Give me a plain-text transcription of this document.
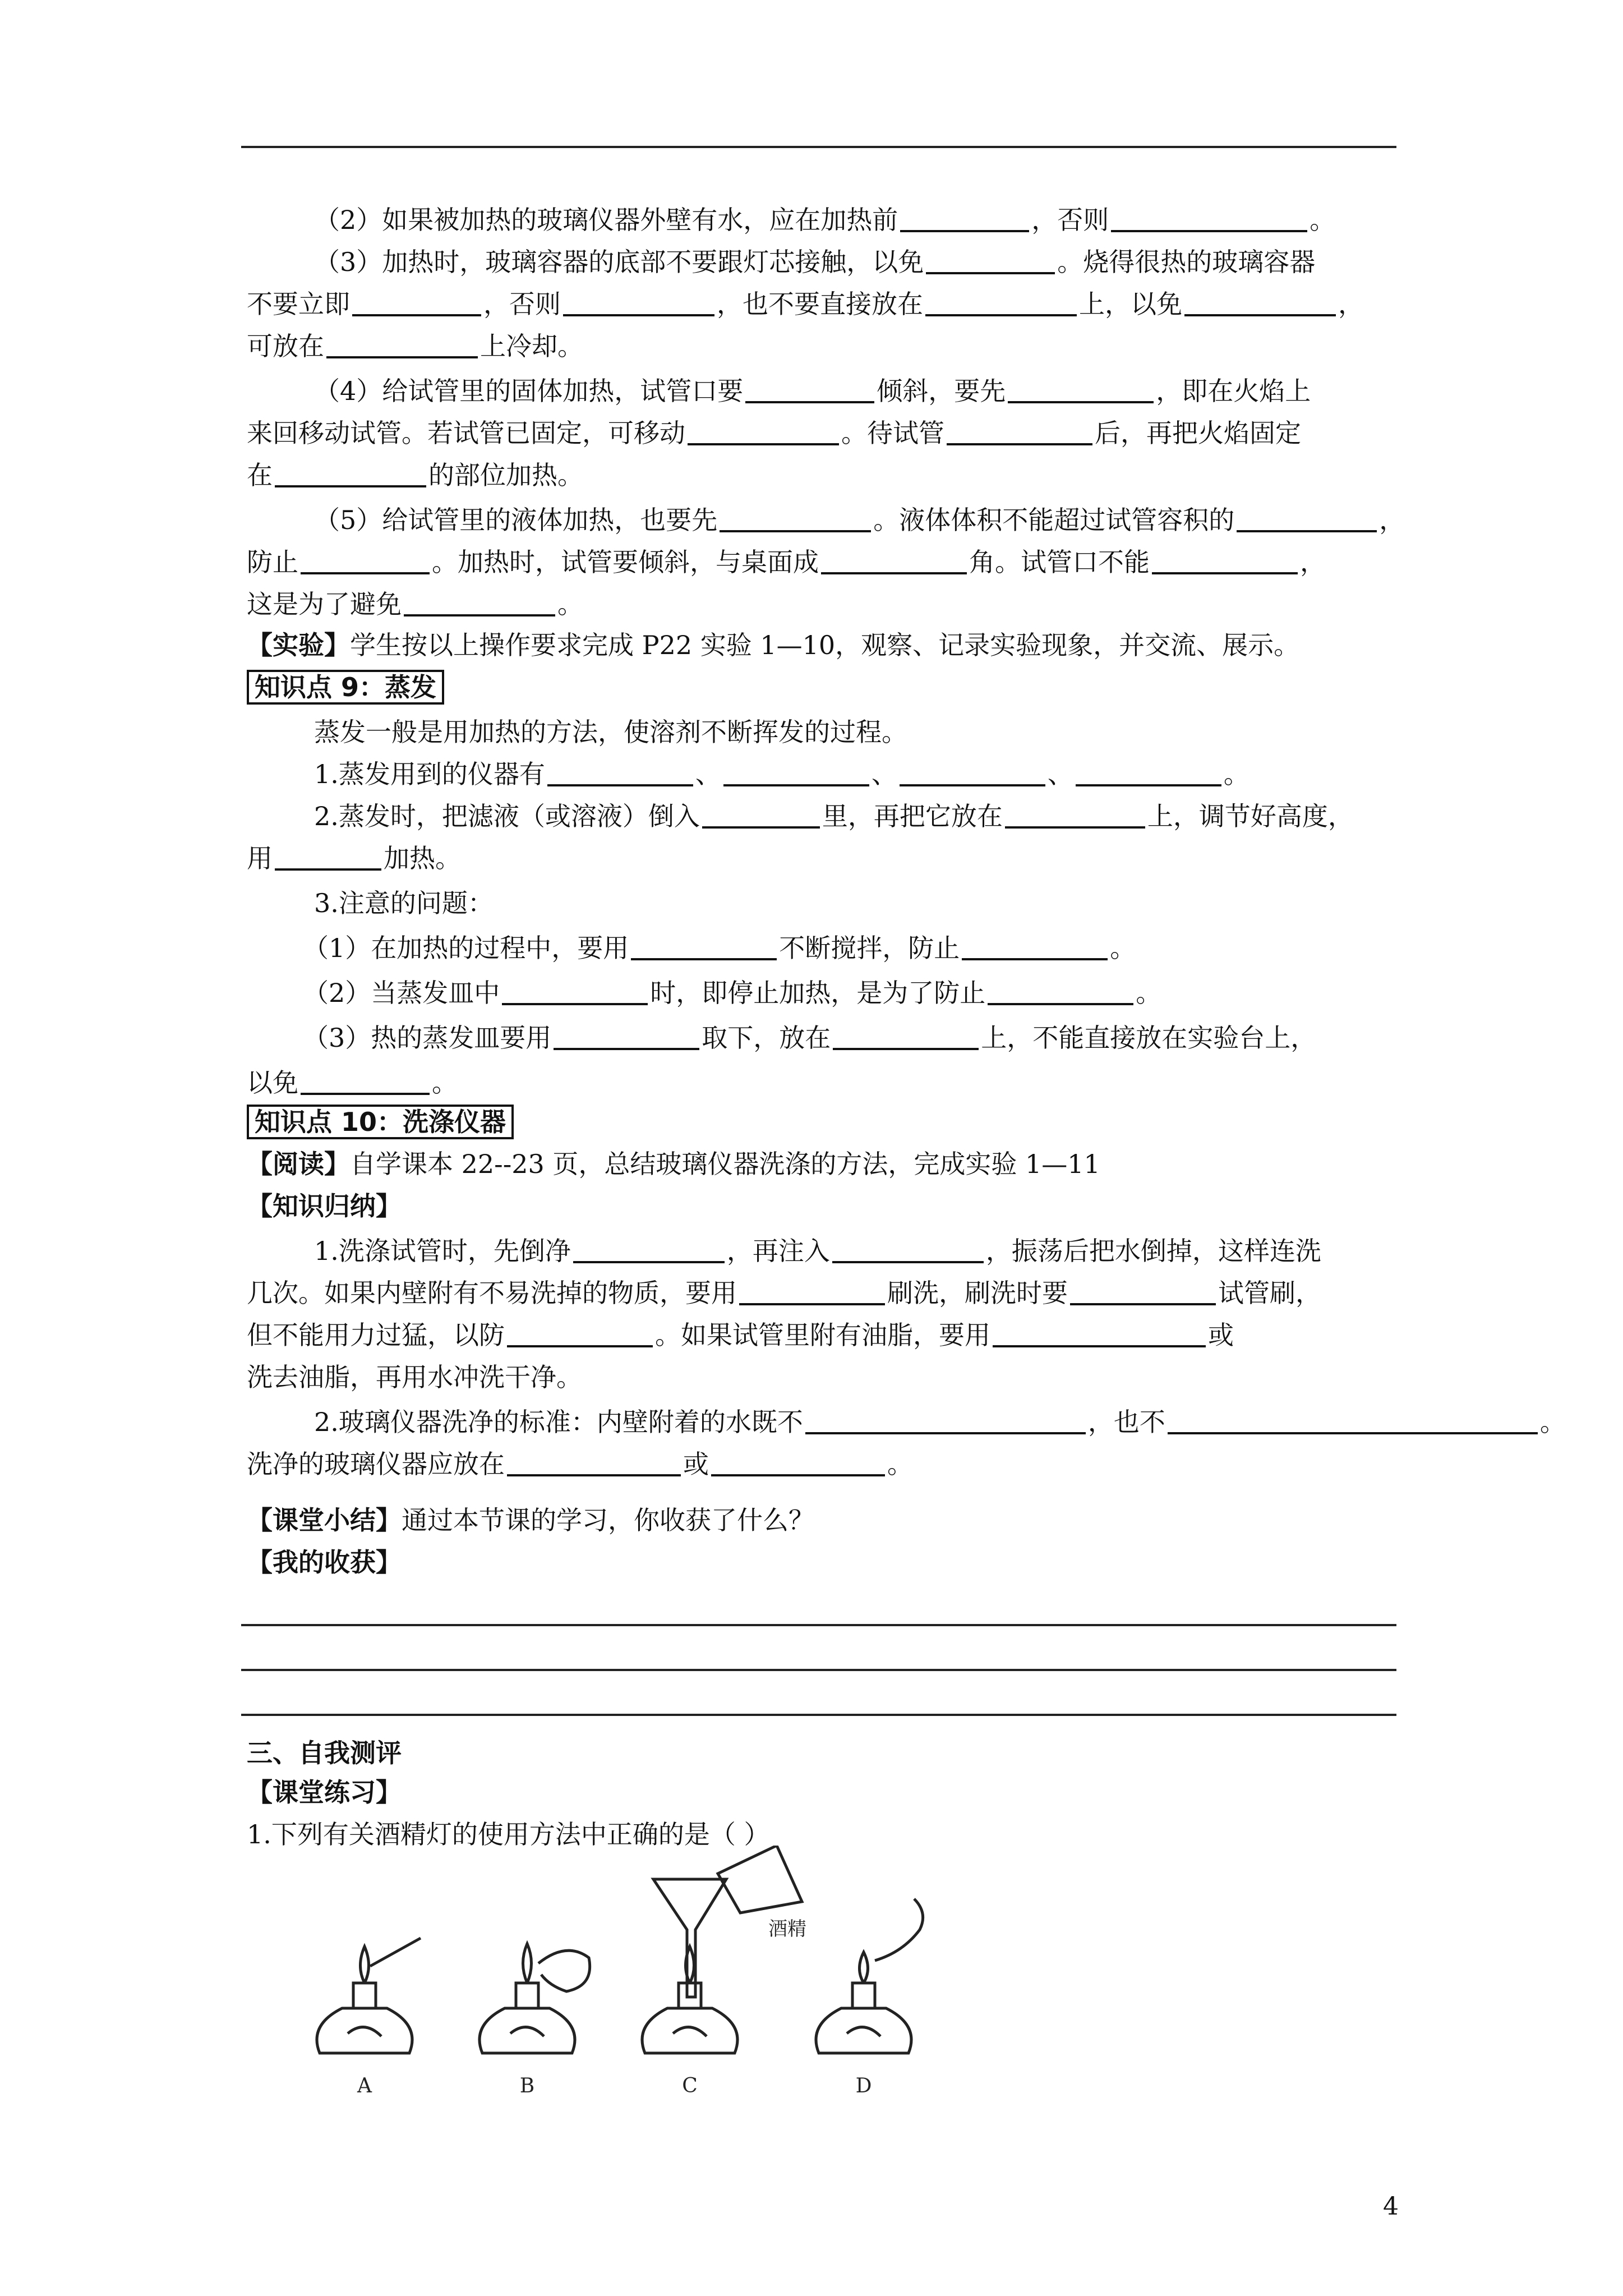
（2）如果被加热的玻璃仪器外壁有水，应在加热前	，否则	。
（3）加热时，玻璃容器的底部不要跟灯芯接触，以免	。烧得很热的玻璃容器
不要立即	，否则	，也不要直接放在	上，以免	，
可放在	上冷却。
（4）给试管里的固体加热，试管口要	倾斜，要先	，即在火焰上
来回移动试管。若试管已固定，可移动	。待试管	后，再把火焰固定
在	的部位加热。
（5）给试管里的液体加热，也要先	。液体体积不能超过试管容积的	，
防止	。加热时，试管要倾斜，与桌面成	角。试管口不能	，
这是为了避免	。
【实验】学生按以上操作要求完成 P22 实验 1—10，观察、记录实验现象，并交流、展示。
知识点 9：蒸发
蒸发一般是用加热的方法，使溶剂不断挥发的过程。
1.蒸发用到的仪器有	、	、	、	。
2.蒸发时，把滤液（或溶液）倒入	里，再把它放在	上，调节好高度，
用	加热。
3.注意的问题：
（1）在加热的过程中，要用	不断搅拌，防止	。
（2）当蒸发皿中	时，即停止加热，是为了防止	。
（3）热的蒸发皿要用	取下，放在	上，不能直接放在实验台上，
以免	。
知识点 10：洗涤仪器
【阅读】自学课本 22--23 页，总结玻璃仪器洗涤的方法，完成实验 1—11
【知识归纳】
1.洗涤试管时，先倒净	，再注入	，振荡后把水倒掉，这样连洗
几次。如果内壁附有不易洗掉的物质，要用	刷洗，刷洗时要	试管刷，
但不能用力过猛，以防	。如果试管里附有油脂，要用	或
洗去油脂，再用水冲洗干净。
2.玻璃仪器洗净的标准：内壁附着的水既不	，也不	。
洗净的玻璃仪器应放在	或	。
【课堂小结】通过本节课的学习，你收获了什么？
【我的收获】
三、自我测评
【课堂练习】
1.下列有关酒精灯的使用方法中正确的是（ ）
酒精
A	B	C	D
4
